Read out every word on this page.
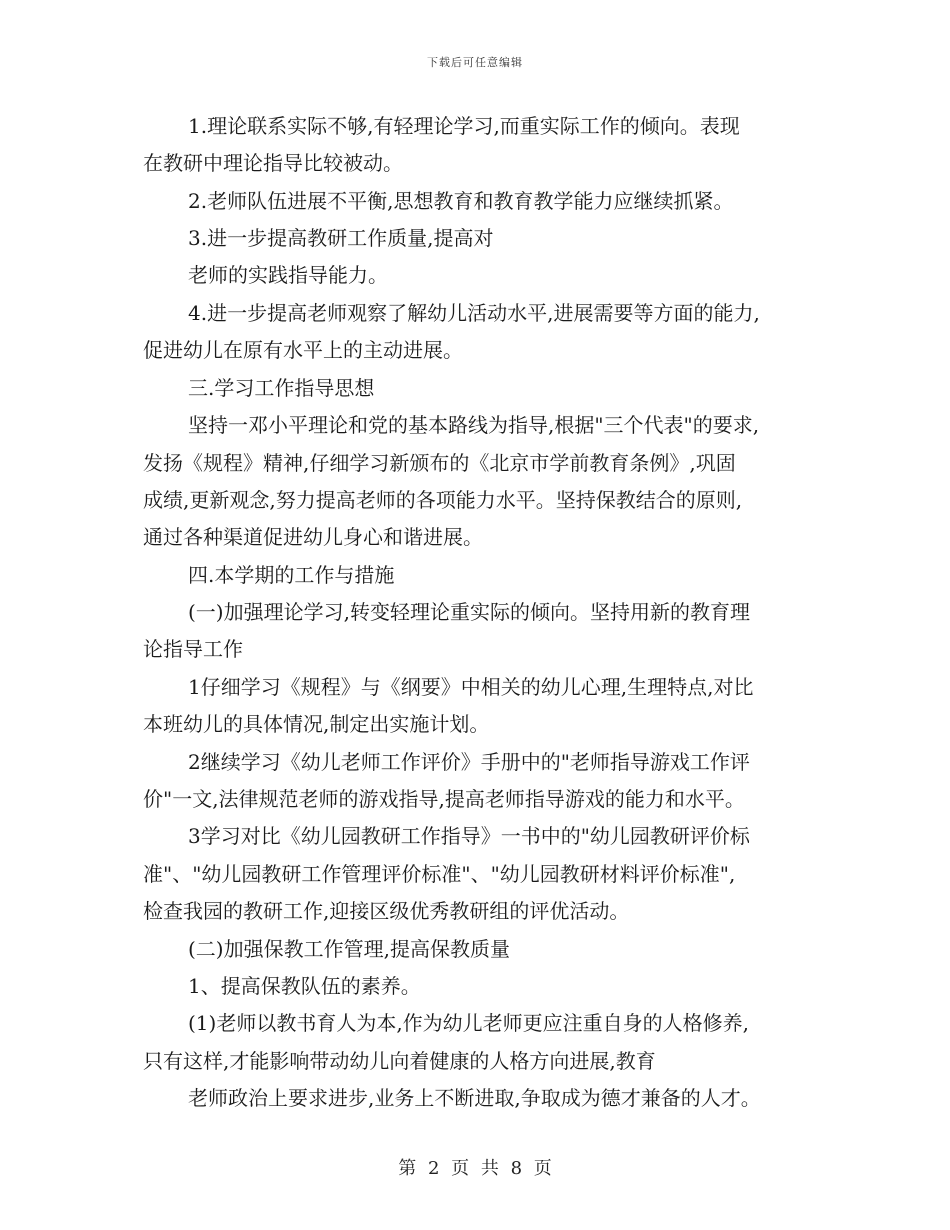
下载后可任意编辑
1.理论联系实际不够,有轻理论学习,而重实际工作的倾向。表现
在教研中理论指导比较被动。
2.老师队伍进展不平衡,思想教育和教育教学能力应继续抓紧。
3.进一步提高教研工作质量,提高对
老师的实践指导能力。
4.进一步提高老师观察了解幼儿活动水平,进展需要等方面的能力,
促进幼儿在原有水平上的主动进展。
三.学习工作指导思想
坚持一邓小平理论和党的基本路线为指导,根据"三个代表"的要求,
发扬《规程》精神,仔细学习新颁布的《北京市学前教育条例》,巩固
成绩,更新观念,努力提高老师的各项能力水平。坚持保教结合的原则,
通过各种渠道促进幼儿身心和谐进展。
四.本学期的工作与措施
(一)加强理论学习,转变轻理论重实际的倾向。坚持用新的教育理
论指导工作
1仔细学习《规程》与《纲要》中相关的幼儿心理,生理特点,对比
本班幼儿的具体情况,制定出实施计划。
2继续学习《幼儿老师工作评价》手册中的"老师指导游戏工作评
价"一文,法律规范老师的游戏指导,提高老师指导游戏的能力和水平。
3学习对比《幼儿园教研工作指导》一书中的"幼儿园教研评价标
准"、"幼儿园教研工作管理评价标准"、"幼儿园教研材料评价标准",
检查我园的教研工作,迎接区级优秀教研组的评优活动。
(二)加强保教工作管理,提高保教质量
1、提高保教队伍的素养。
(1)老师以教书育人为本,作为幼儿老师更应注重自身的人格修养,
只有这样,才能影响带动幼儿向着健康的人格方向进展,教育
老师政治上要求进步,业务上不断进取,争取成为德才兼备的人才。
第 2 页 共 8 页
